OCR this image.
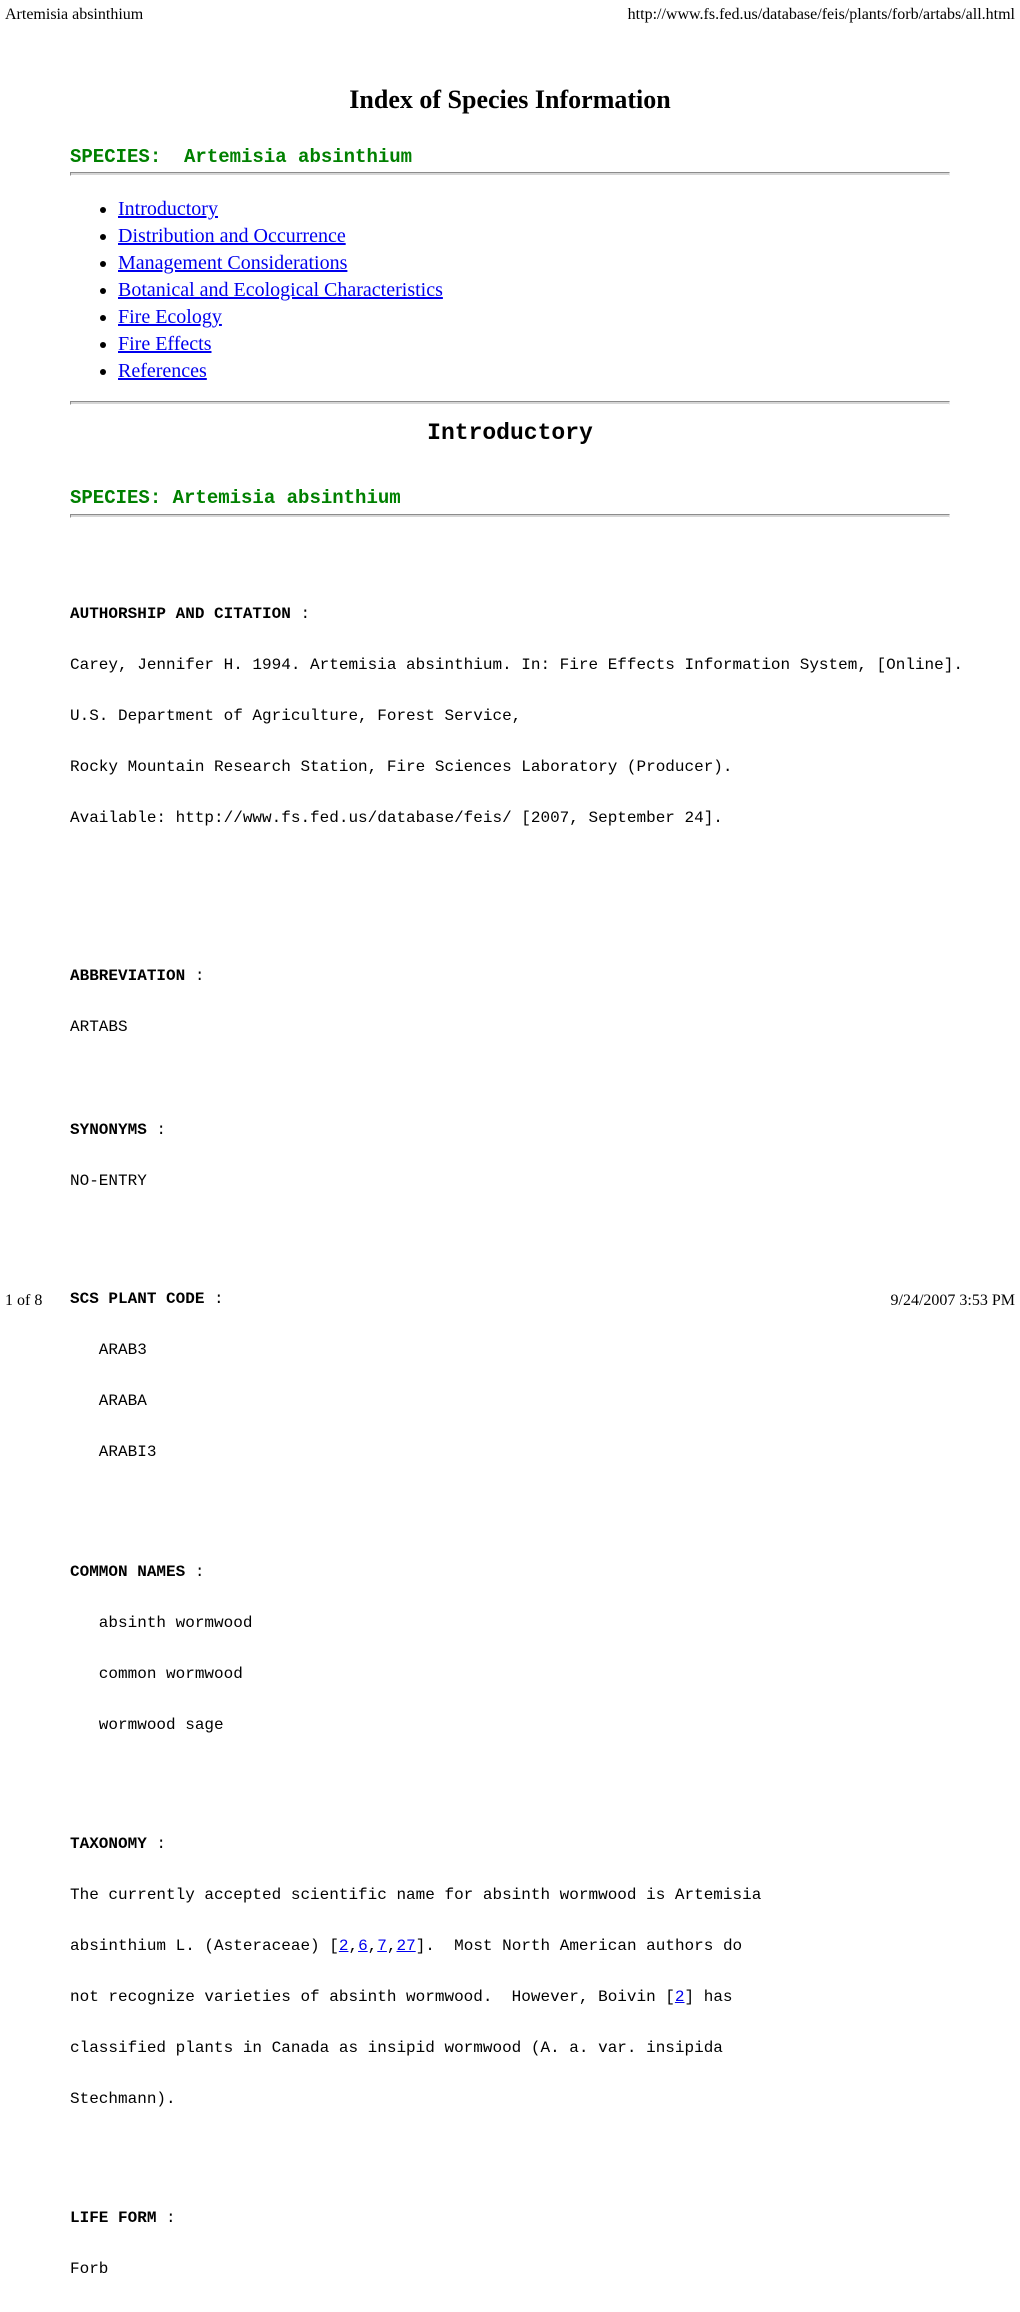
Artemisia absinthium	http://www.fs.fed.us/database/feis/plants/forb/artabs/all.html
Index of Species Information
SPECIES:  Artemisia absinthium
• Introductory
• Distribution and Occurrence
• Management Considerations
• Botanical and Ecological Characteristics
• Fire Ecology
• Fire Effects
• References
Introductory
SPECIES: Artemisia absinthium

AUTHORSHIP AND CITATION :

Carey, Jennifer H. 1994. Artemisia absinthium. In: Fire Effects Information System, [Online].

U.S. Department of Agriculture, Forest Service,

Rocky Mountain Research Station, Fire Sciences Laboratory (Producer).

Available: http://www.fs.fed.us/database/feis/ [2007, September 24].

ABBREVIATION :

ARTABS

SYNONYMS :

NO-ENTRY

SCS PLANT CODE :

ARAB3

ARABA

ARABI3

COMMON NAMES :

absinth wormwood

common wormwood

wormwood sage

TAXONOMY :

The currently accepted scientific name for absinth wormwood is Artemisia

absinthium L. (Asteraceae) [2,6,7,27].  Most North American authors do

not recognize varieties of absinth wormwood.  However, Boivin [2] has

classified plants in Canada as insipid wormwood (A. a. var. insipida

Stechmann).

LIFE FORM :

Forb

1 of 8	9/24/2007 3:53 PM
